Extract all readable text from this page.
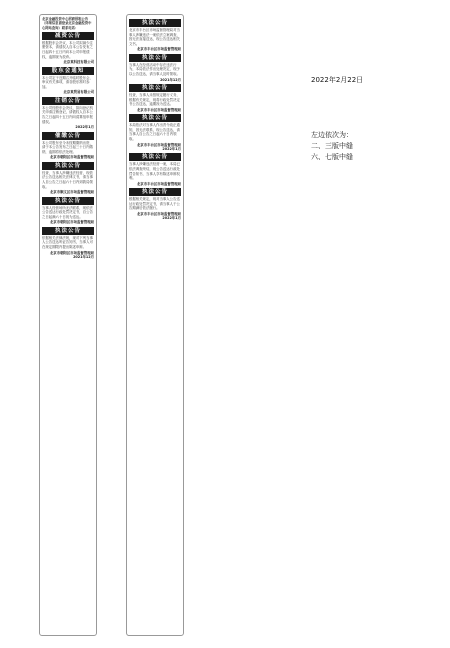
北京金融投资中心招商招租公告（详细信息请登录北京金融投资中心网站查询）联系电话：
减资公告
根据股东会决议，本公司拟减少注册资本，请债权人自本公告发布之日起四十五日内向本公司申报债权，逾期视为放弃。
北京某科技有限公司
股东会通知
本公司定于近期召开临时股东会，审议有关事项，请各股东准时参加。
北京某贸易有限公司
注销公告
本公司经股东会决议，拟向登记机关申请注销登记，请债权人自本公告之日起四十五日内向清算组申报债权。
2022年1月
催缴公告
本公司股东至今未按期缴纳出资，请于本公告发布之日起三十日内缴纳，逾期将依法处理。
北京市朝阳区市场监督管理局
执法公告
经查，当事人涉嫌违法经营，现依法公告送达相关法律文书，请当事人自公告之日起六十日内到我局领取。
北京市顺义区市场监督管理局
执法公告
当事人经营场所无法联系，现依法公告送达行政处罚决定书，自公告之日起满六十日视为送达。
北京市朝阳区市场监督管理局
执法公告
依据相关法律法规，现对下列当事人公告送达听证告知书，当事人可在规定期限内提出陈述申辩。
北京市朝阳区市场监督管理局 2021年12月
执法公告
北京市丰台区市场监督管理局对当事人涉嫌违法一案依法立案调查，因无法直接送达，现公告送达相关文书。
北京市丰台区市场监督管理局
执法公告
当事人在经营活动中存在违法行为，本局依法作出处理决定，现予以公告送达，请当事人及时领取。
2021年12月
执法公告
经查，当事人未按规定履行义务，根据有关规定，现将行政处罚决定书公告送达，逾期视为送达。
北京市丰台区市场监督管理局
执法公告
本局依法对当事人作出责令改正通知，因无法联系，现公告送达，请当事人自公告之日起六十日内领取。
北京市丰台区市场监督管理局 2022年1月
执法公告
当事人涉嫌违法经营一案，本局已依法调查终结，现公告送达行政处罚告知书，当事人享有陈述申辩权利。
北京市丰台区市场监督管理局
执法公告
根据相关规定，现对当事人公告送达行政处罚决定书，请当事人于公告期满后依法履行。
北京市丰台区市场监督管理局 2022年1月
2022年2月22日
左边依次为：
二、三版中缝
六、七版中缝
